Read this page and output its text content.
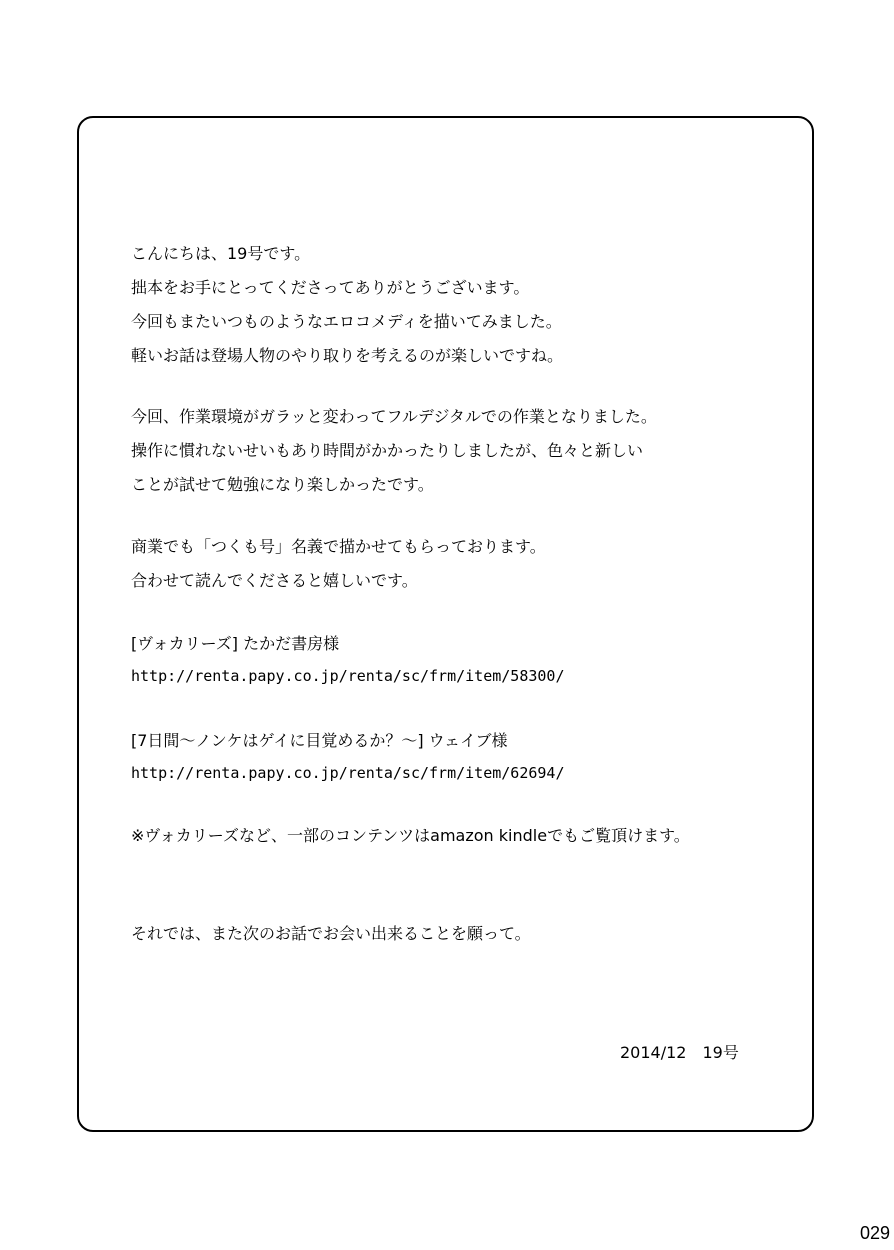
こんにちは、19号です。
拙本をお手にとってくださってありがとうございます。
今回もまたいつものようなエロコメディを描いてみました。
軽いお話は登場人物のやり取りを考えるのが楽しいですね。
今回、作業環境がガラッと変わってフルデジタルでの作業となりました。
操作に慣れないせいもあり時間がかかったりしましたが、色々と新しい
ことが試せて勉強になり楽しかったです。
商業でも「つくも号」名義で描かせてもらっております。
合わせて読んでくださると嬉しいです。
[ヴォカリーズ] たかだ書房様
http://renta.papy.co.jp/renta/sc/frm/item/58300/
[7日間～ノンケはゲイに目覚めるか？～] ウェイブ様
http://renta.papy.co.jp/renta/sc/frm/item/62694/
※ヴォカリーズなど、一部のコンテンツはamazon kindleでもご覧頂けます。
それでは、また次のお話でお会い出来ることを願って。
2014/12　19号
029
